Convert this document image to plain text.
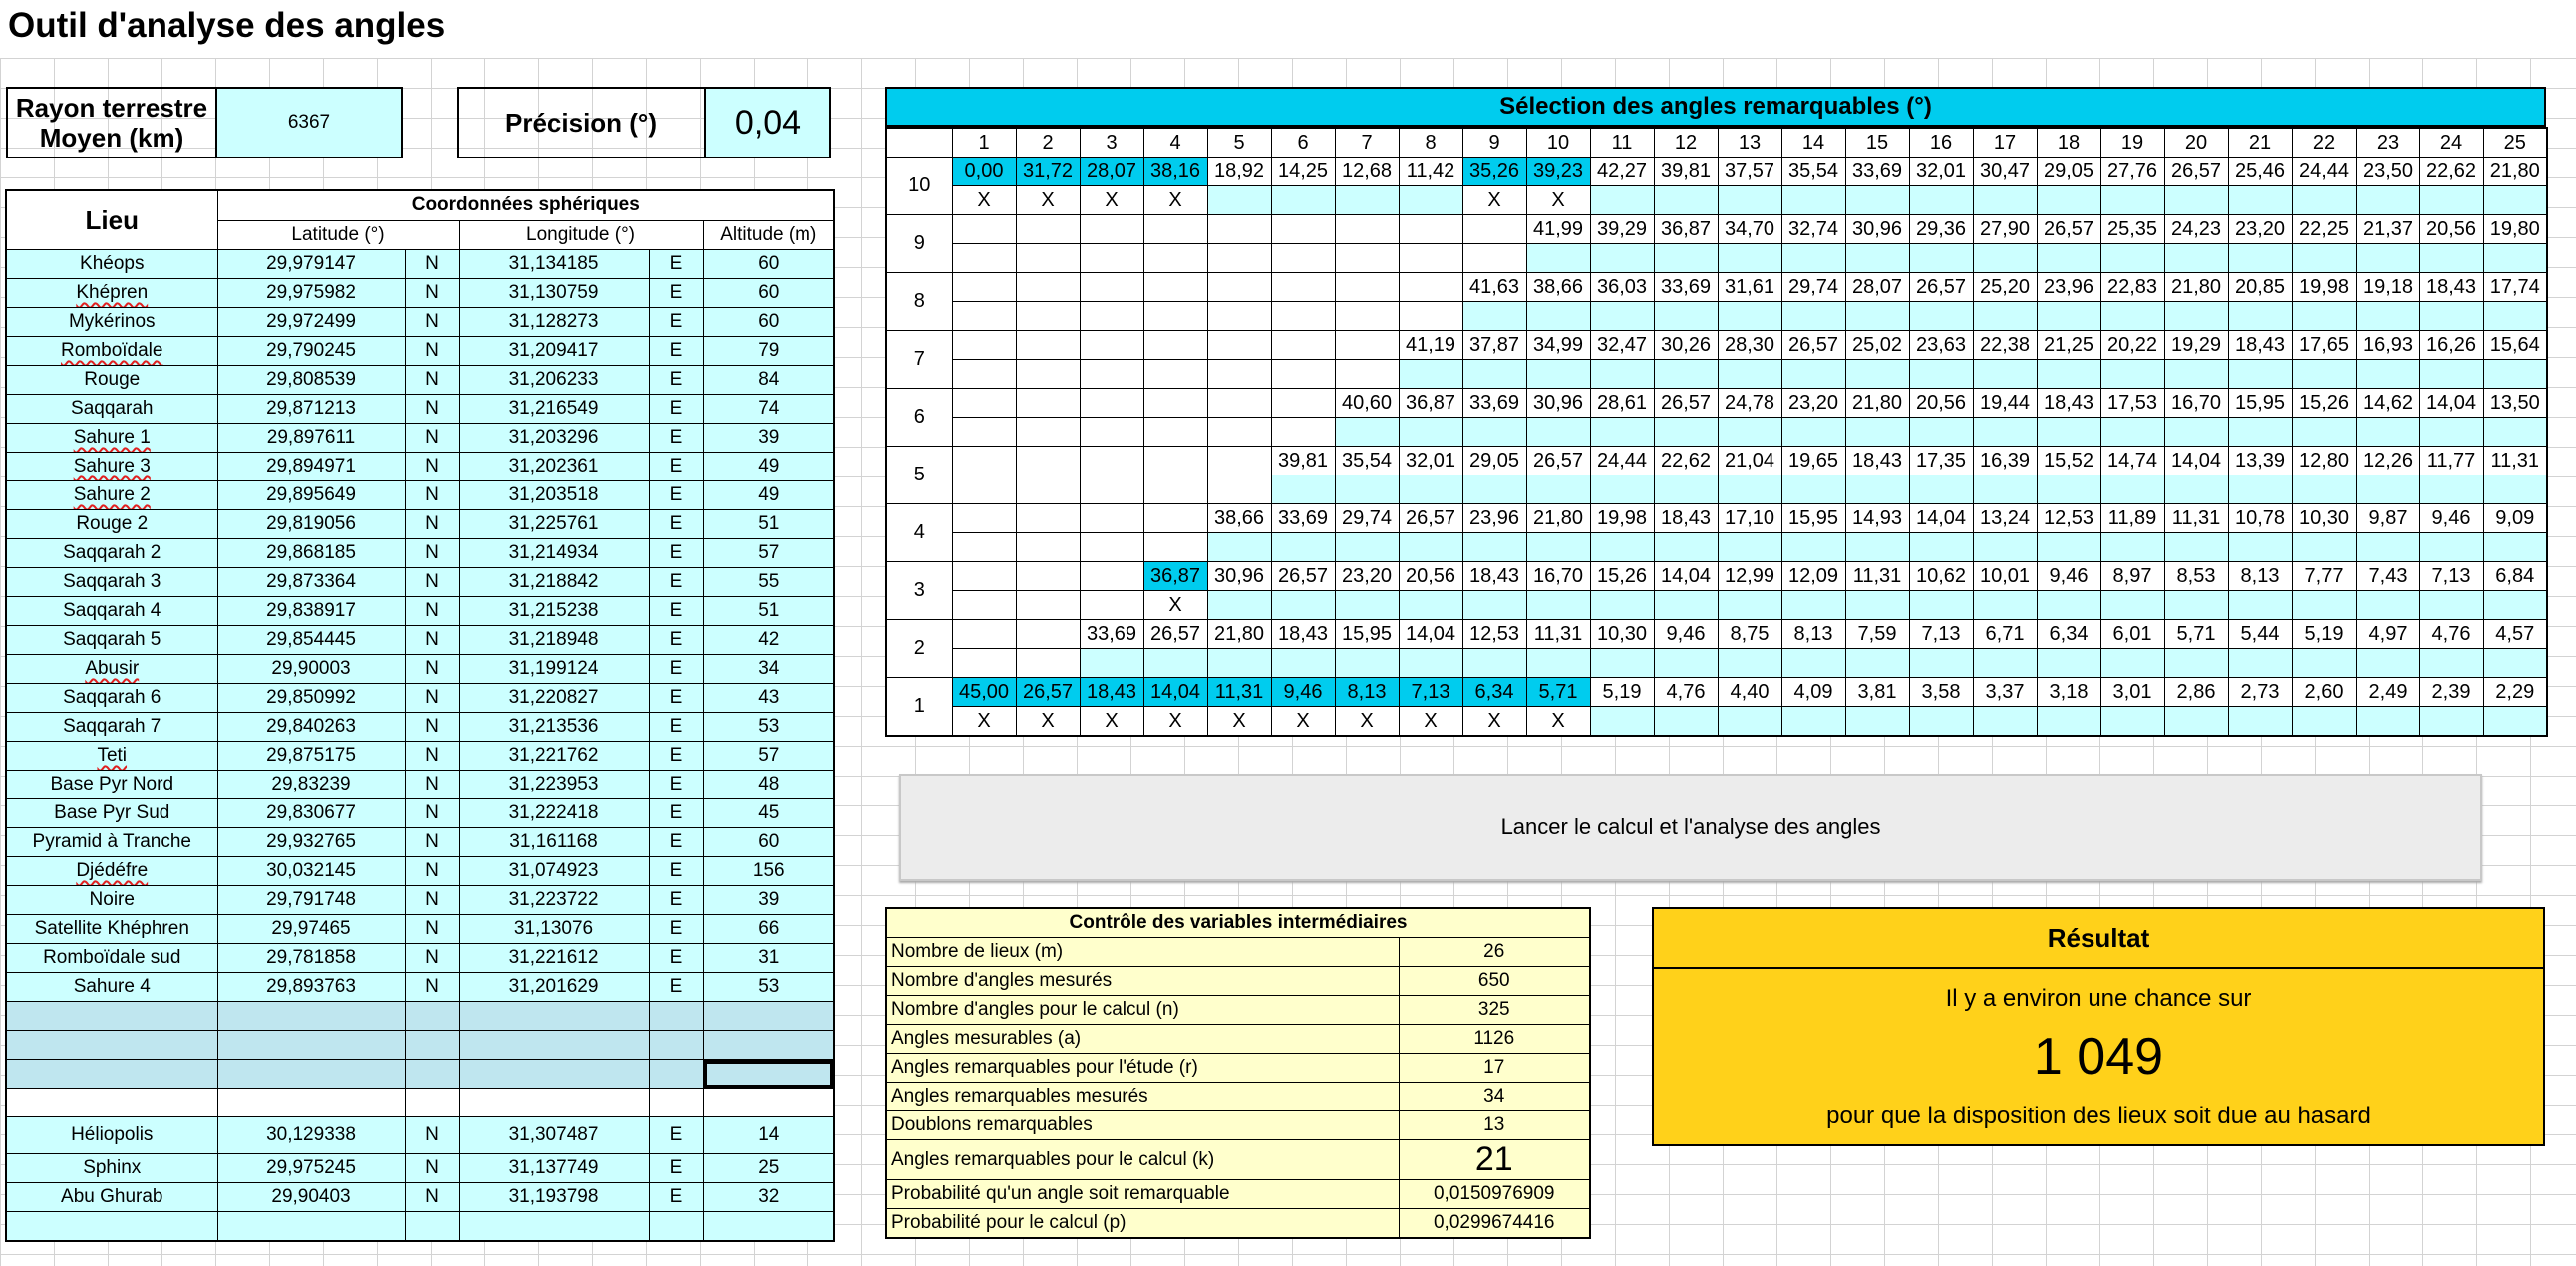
Outil d'analyse des angles
Rayon terrestre
Moyen (km)
6367	Précision (°)	0,04
Lieu	Coordonnées sphériques				
	Latitude (°)		Longitude (°)		Altitude (m)
Khéops	29,979147	N	31,134185	E	60
Khépren	29,975982	N	31,130759	E	60
Mykérinos	29,972499	N	31,128273	E	60
Romboïdale	29,790245	N	31,209417	E	79
Rouge	29,808539	N	31,206233	E	84
Saqqarah	29,871213	N	31,216549	E	74
Sahure 1	29,897611	N	31,203296	E	39
Sahure 3	29,894971	N	31,202361	E	49
Sahure 2	29,895649	N	31,203518	E	49
Rouge 2	29,819056	N	31,225761	E	51
Saqqarah 2	29,868185	N	31,214934	E	57
Saqqarah 3	29,873364	N	31,218842	E	55
Saqqarah 4	29,838917	N	31,215238	E	51
Saqqarah 5	29,854445	N	31,218948	E	42
Abusir	29,90003	N	31,199124	E	34
Saqqarah 6	29,850992	N	31,220827	E	43
Saqqarah 7	29,840263	N	31,213536	E	53
Teti	29,875175	N	31,221762	E	57
Base Pyr Nord	29,83239	N	31,223953	E	48
Base Pyr Sud	29,830677	N	31,222418	E	45
Pyramid à Tranche	29,932765	N	31,161168	E	60
Djédéfre	30,032145	N	31,074923	E	156
Noire	29,791748	N	31,223722	E	39
Satellite Khéphren	29,97465	N	31,13076	E	66
Romboïdale sud	29,781858	N	31,221612	E	31
Sahure 4	29,893763	N	31,201629	E	53

Héliopolis	30,129338	N	31,307487	E	14
Sphinx	29,975245	N	31,137749	E	25
Abu Ghurab	29,90403	N	31,193798	E	32

Sélection des angles remarquables (°)
	1	2	3	4	5	6	7	8	9	10	11	12	13	14	15	16	17	18	19	20	21	22	23	24	25
10	0,00	31,72	28,07	38,16	18,92	14,25	12,68	11,42	35,26	39,23	42,27	39,81	37,57	35,54	33,69	32,01	30,47	29,05	27,76	26,57	25,46	24,44	23,50	22,62	21,80
	X	X	X	X					X	X															
9										41,99	39,29	36,87	34,70	32,74	30,96	29,36	27,90	26,57	25,35	24,23	23,20	22,25	21,37	20,56	19,80

8									41,63	38,66	36,03	33,69	31,61	29,74	28,07	26,57	25,20	23,96	22,83	21,80	20,85	19,98	19,18	18,43	17,74

7								41,19	37,87	34,99	32,47	30,26	28,30	26,57	25,02	23,63	22,38	21,25	20,22	19,29	18,43	17,65	16,93	16,26	15,64

6							40,60	36,87	33,69	30,96	28,61	26,57	24,78	23,20	21,80	20,56	19,44	18,43	17,53	16,70	15,95	15,26	14,62	14,04	13,50

5						39,81	35,54	32,01	29,05	26,57	24,44	22,62	21,04	19,65	18,43	17,35	16,39	15,52	14,74	14,04	13,39	12,80	12,26	11,77	11,31

4					38,66	33,69	29,74	26,57	23,96	21,80	19,98	18,43	17,10	15,95	14,93	14,04	13,24	12,53	11,89	11,31	10,78	10,30	9,87	9,46	9,09

3				36,87	30,96	26,57	23,20	20,56	18,43	16,70	15,26	14,04	12,99	12,09	11,31	10,62	10,01	9,46	8,97	8,53	8,13	7,77	7,43	7,13	6,84
				X																					
2			33,69	26,57	21,80	18,43	15,95	14,04	12,53	11,31	10,30	9,46	8,75	8,13	7,59	7,13	6,71	6,34	6,01	5,71	5,44	5,19	4,97	4,76	4,57

1	45,00	26,57	18,43	14,04	11,31	9,46	8,13	7,13	6,34	5,71	5,19	4,76	4,40	4,09	3,81	3,58	3,37	3,18	3,01	2,86	2,73	2,60	2,49	2,39	2,29
	X	X	X	X	X	X	X	X	X	X															
Lancer le calcul et l'analyse des angles
Contrôle des variables intermédiaires	
Nombre de lieux (m)	26
Nombre d'angles mesurés	650
Nombre d'angles pour le calcul (n)	325
Angles mesurables (a)	1126
Angles remarquables pour l'étude (r)	17
Angles remarquables mesurés	34
Doublons remarquables	13
Angles remarquables pour le calcul (k)	21
Probabilité qu'un angle soit remarquable	0,0150976909
Probabilité pour le calcul (p)	0,0299674416
Résultat
Il y a environ une chance sur
1 049
pour que la disposition des lieux soit due au hasard
